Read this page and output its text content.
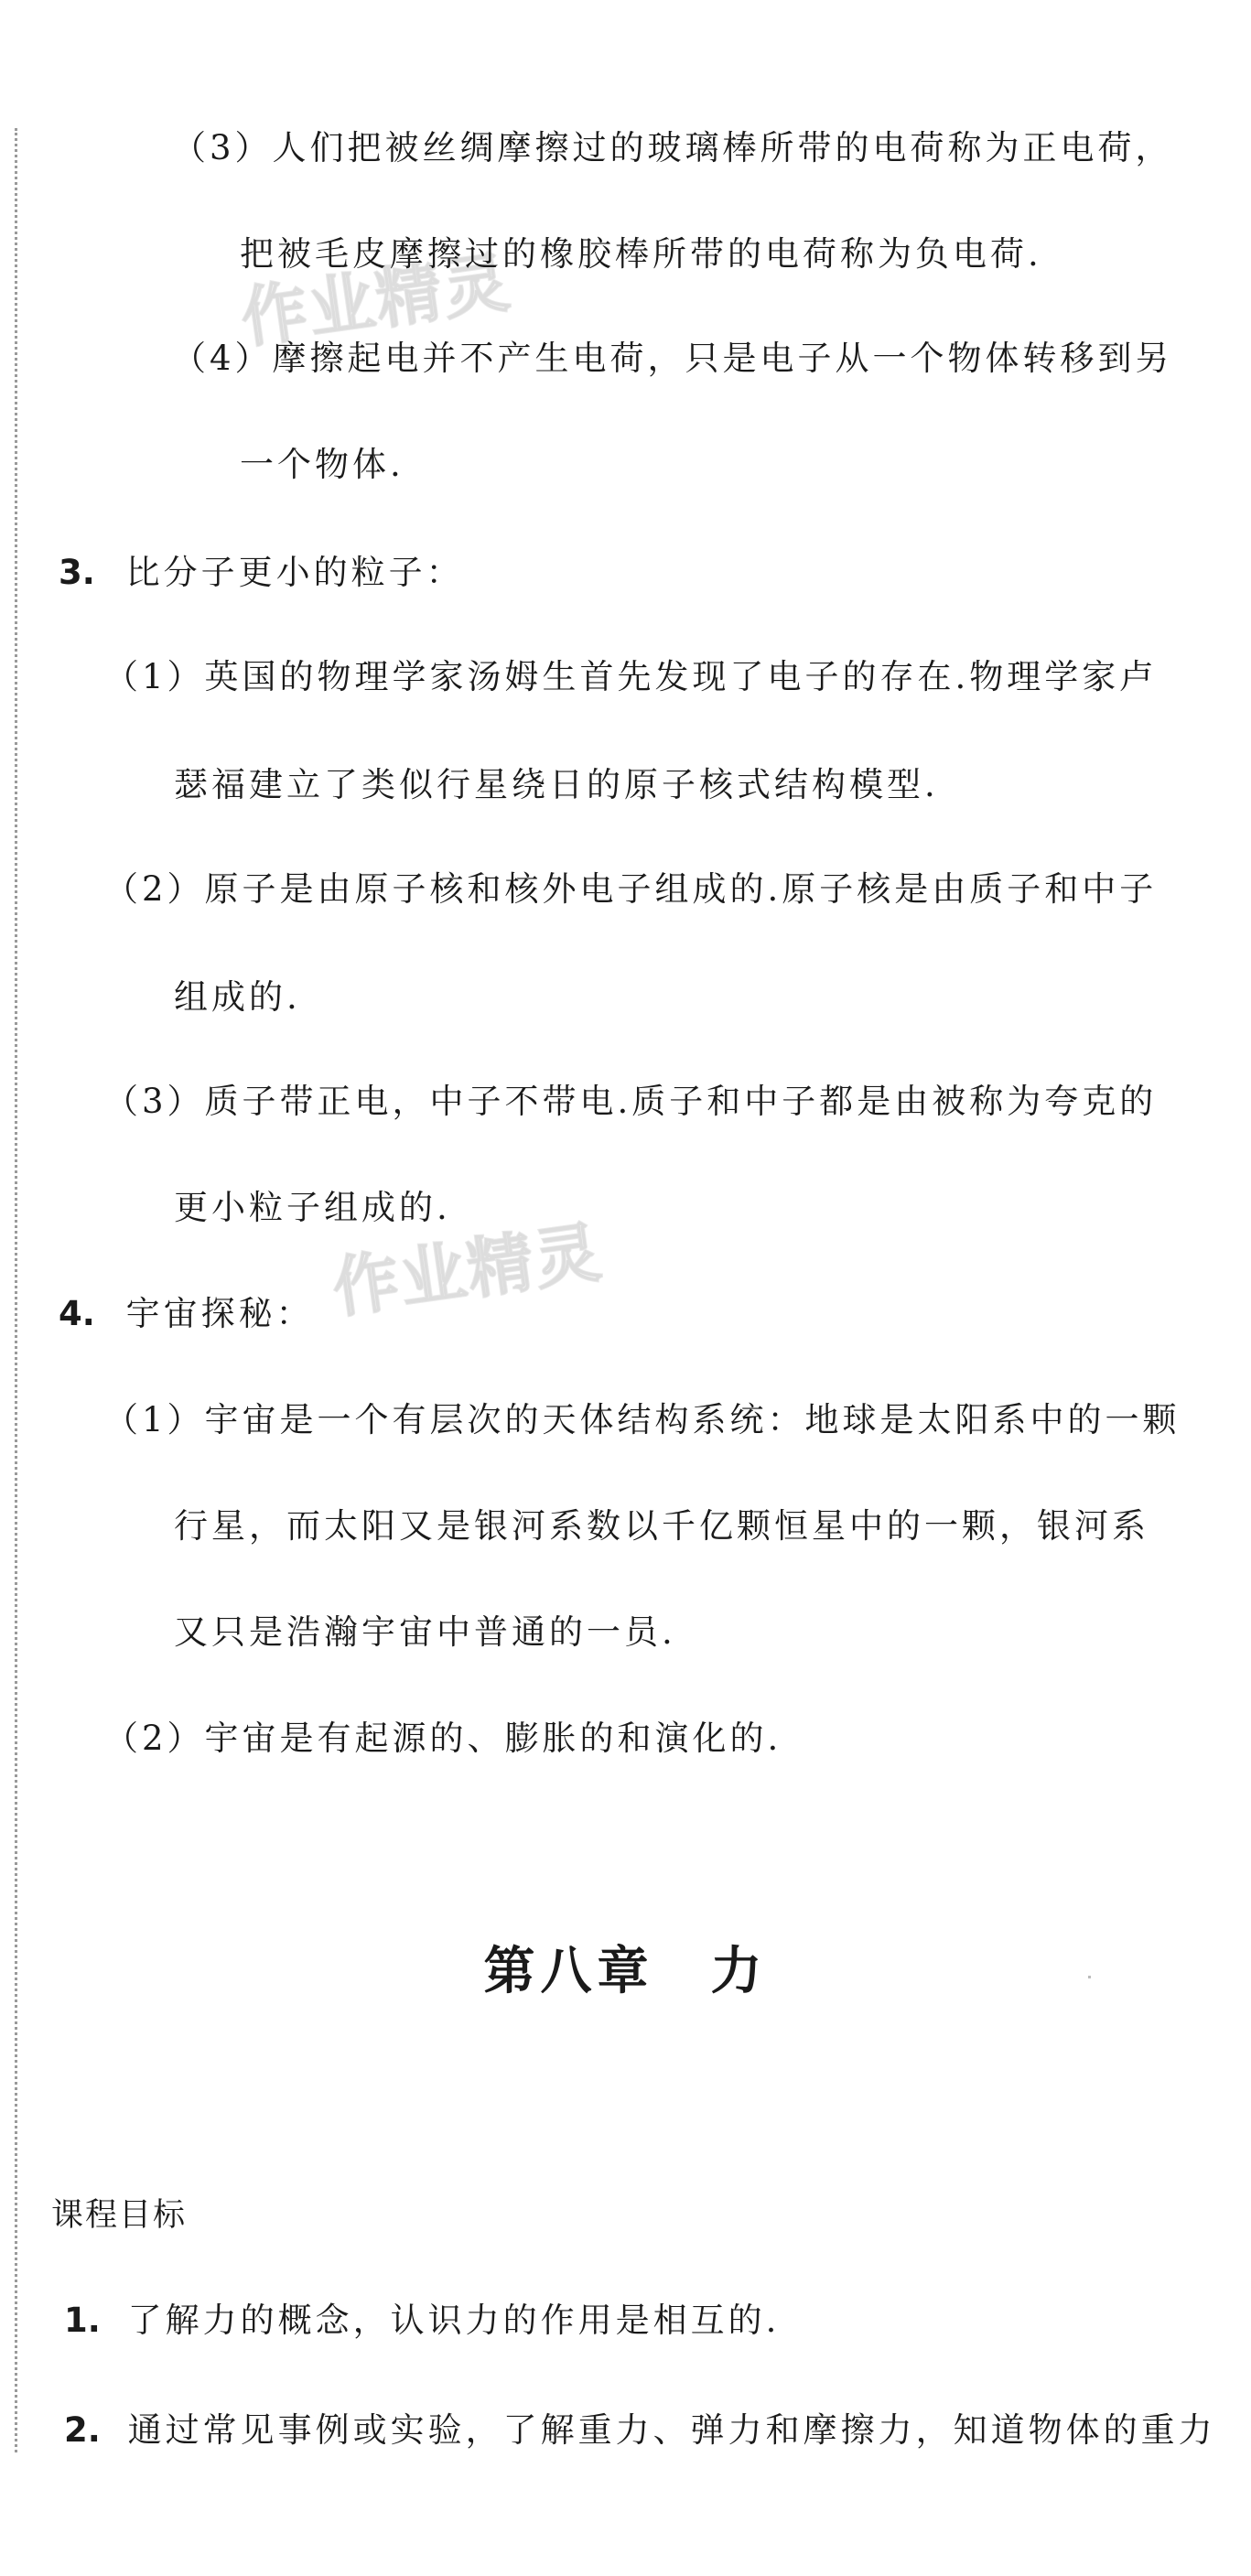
作业精灵
作业精灵
（3）人们把被丝绸摩擦过的玻璃棒所带的电荷称为正电荷，
把被毛皮摩擦过的橡胶棒所带的电荷称为负电荷.
（4）摩擦起电并不产生电荷，只是电子从一个物体转移到另
一个物体.
3. 比分子更小的粒子：
（1）英国的物理学家汤姆生首先发现了电子的存在.物理学家卢
瑟福建立了类似行星绕日的原子核式结构模型.
（2）原子是由原子核和核外电子组成的.原子核是由质子和中子
组成的.
（3）质子带正电，中子不带电.质子和中子都是由被称为夸克的
更小粒子组成的.
4. 宇宙探秘：
（1）宇宙是一个有层次的天体结构系统：地球是太阳系中的一颗
行星，而太阳又是银河系数以千亿颗恒星中的一颗，银河系
又只是浩瀚宇宙中普通的一员.
（2）宇宙是有起源的、膨胀的和演化的.
第八章　力
课程目标
1. 了解力的概念，认识力的作用是相互的.
2. 通过常见事例或实验，了解重力、弹力和摩擦力，知道物体的重力
